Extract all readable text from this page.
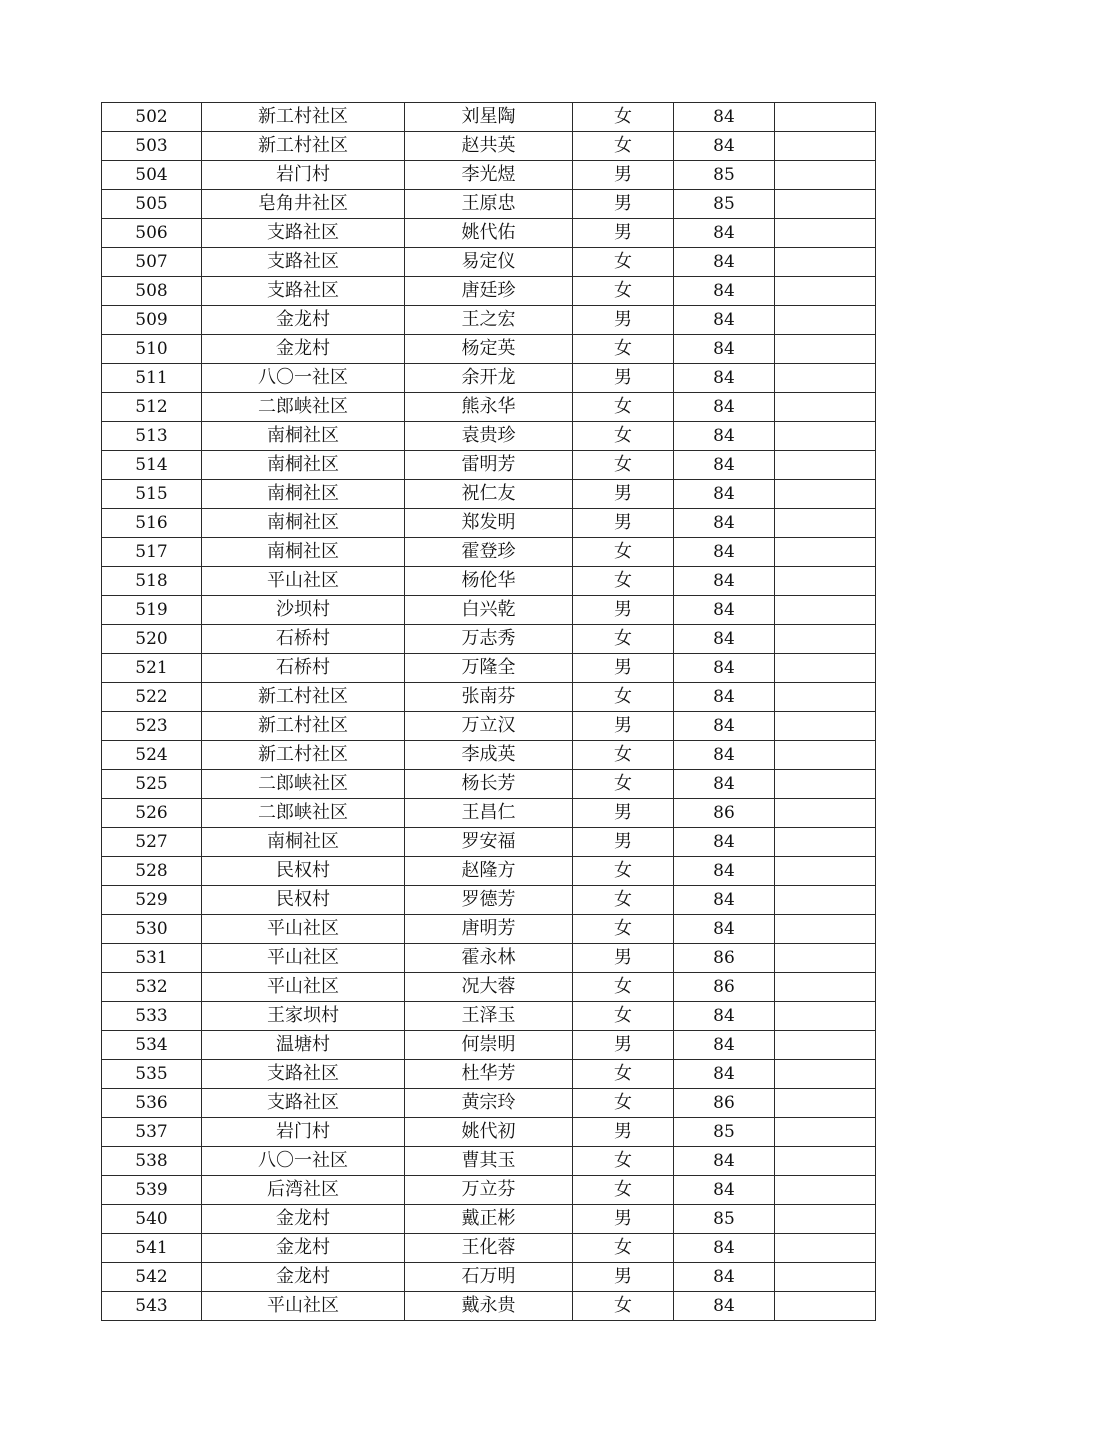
502	新工村社区	刘星陶	女	84	
503	新工村社区	赵共英	女	84	
504	岩门村	李光煜	男	85	
505	皂角井社区	王原忠	男	85	
506	支路社区	姚代佑	男	84	
507	支路社区	易定仪	女	84	
508	支路社区	唐廷珍	女	84	
509	金龙村	王之宏	男	84	
510	金龙村	杨定英	女	84	
511	八〇一社区	余开龙	男	84	
512	二郎峡社区	熊永华	女	84	
513	南桐社区	袁贵珍	女	84	
514	南桐社区	雷明芳	女	84	
515	南桐社区	祝仁友	男	84	
516	南桐社区	郑发明	男	84	
517	南桐社区	霍登珍	女	84	
518	平山社区	杨伦华	女	84	
519	沙坝村	白兴乾	男	84	
520	石桥村	万志秀	女	84	
521	石桥村	万隆全	男	84	
522	新工村社区	张南芬	女	84	
523	新工村社区	万立汉	男	84	
524	新工村社区	李成英	女	84	
525	二郎峡社区	杨长芳	女	84	
526	二郎峡社区	王昌仁	男	86	
527	南桐社区	罗安福	男	84	
528	民权村	赵隆方	女	84	
529	民权村	罗德芳	女	84	
530	平山社区	唐明芳	女	84	
531	平山社区	霍永林	男	86	
532	平山社区	况大蓉	女	86	
533	王家坝村	王泽玉	女	84	
534	温塘村	何崇明	男	84	
535	支路社区	杜华芳	女	84	
536	支路社区	黄宗玲	女	86	
537	岩门村	姚代初	男	85	
538	八〇一社区	曹其玉	女	84	
539	后湾社区	万立芬	女	84	
540	金龙村	戴正彬	男	85	
541	金龙村	王化蓉	女	84	
542	金龙村	石万明	男	84	
543	平山社区	戴永贵	女	84	
